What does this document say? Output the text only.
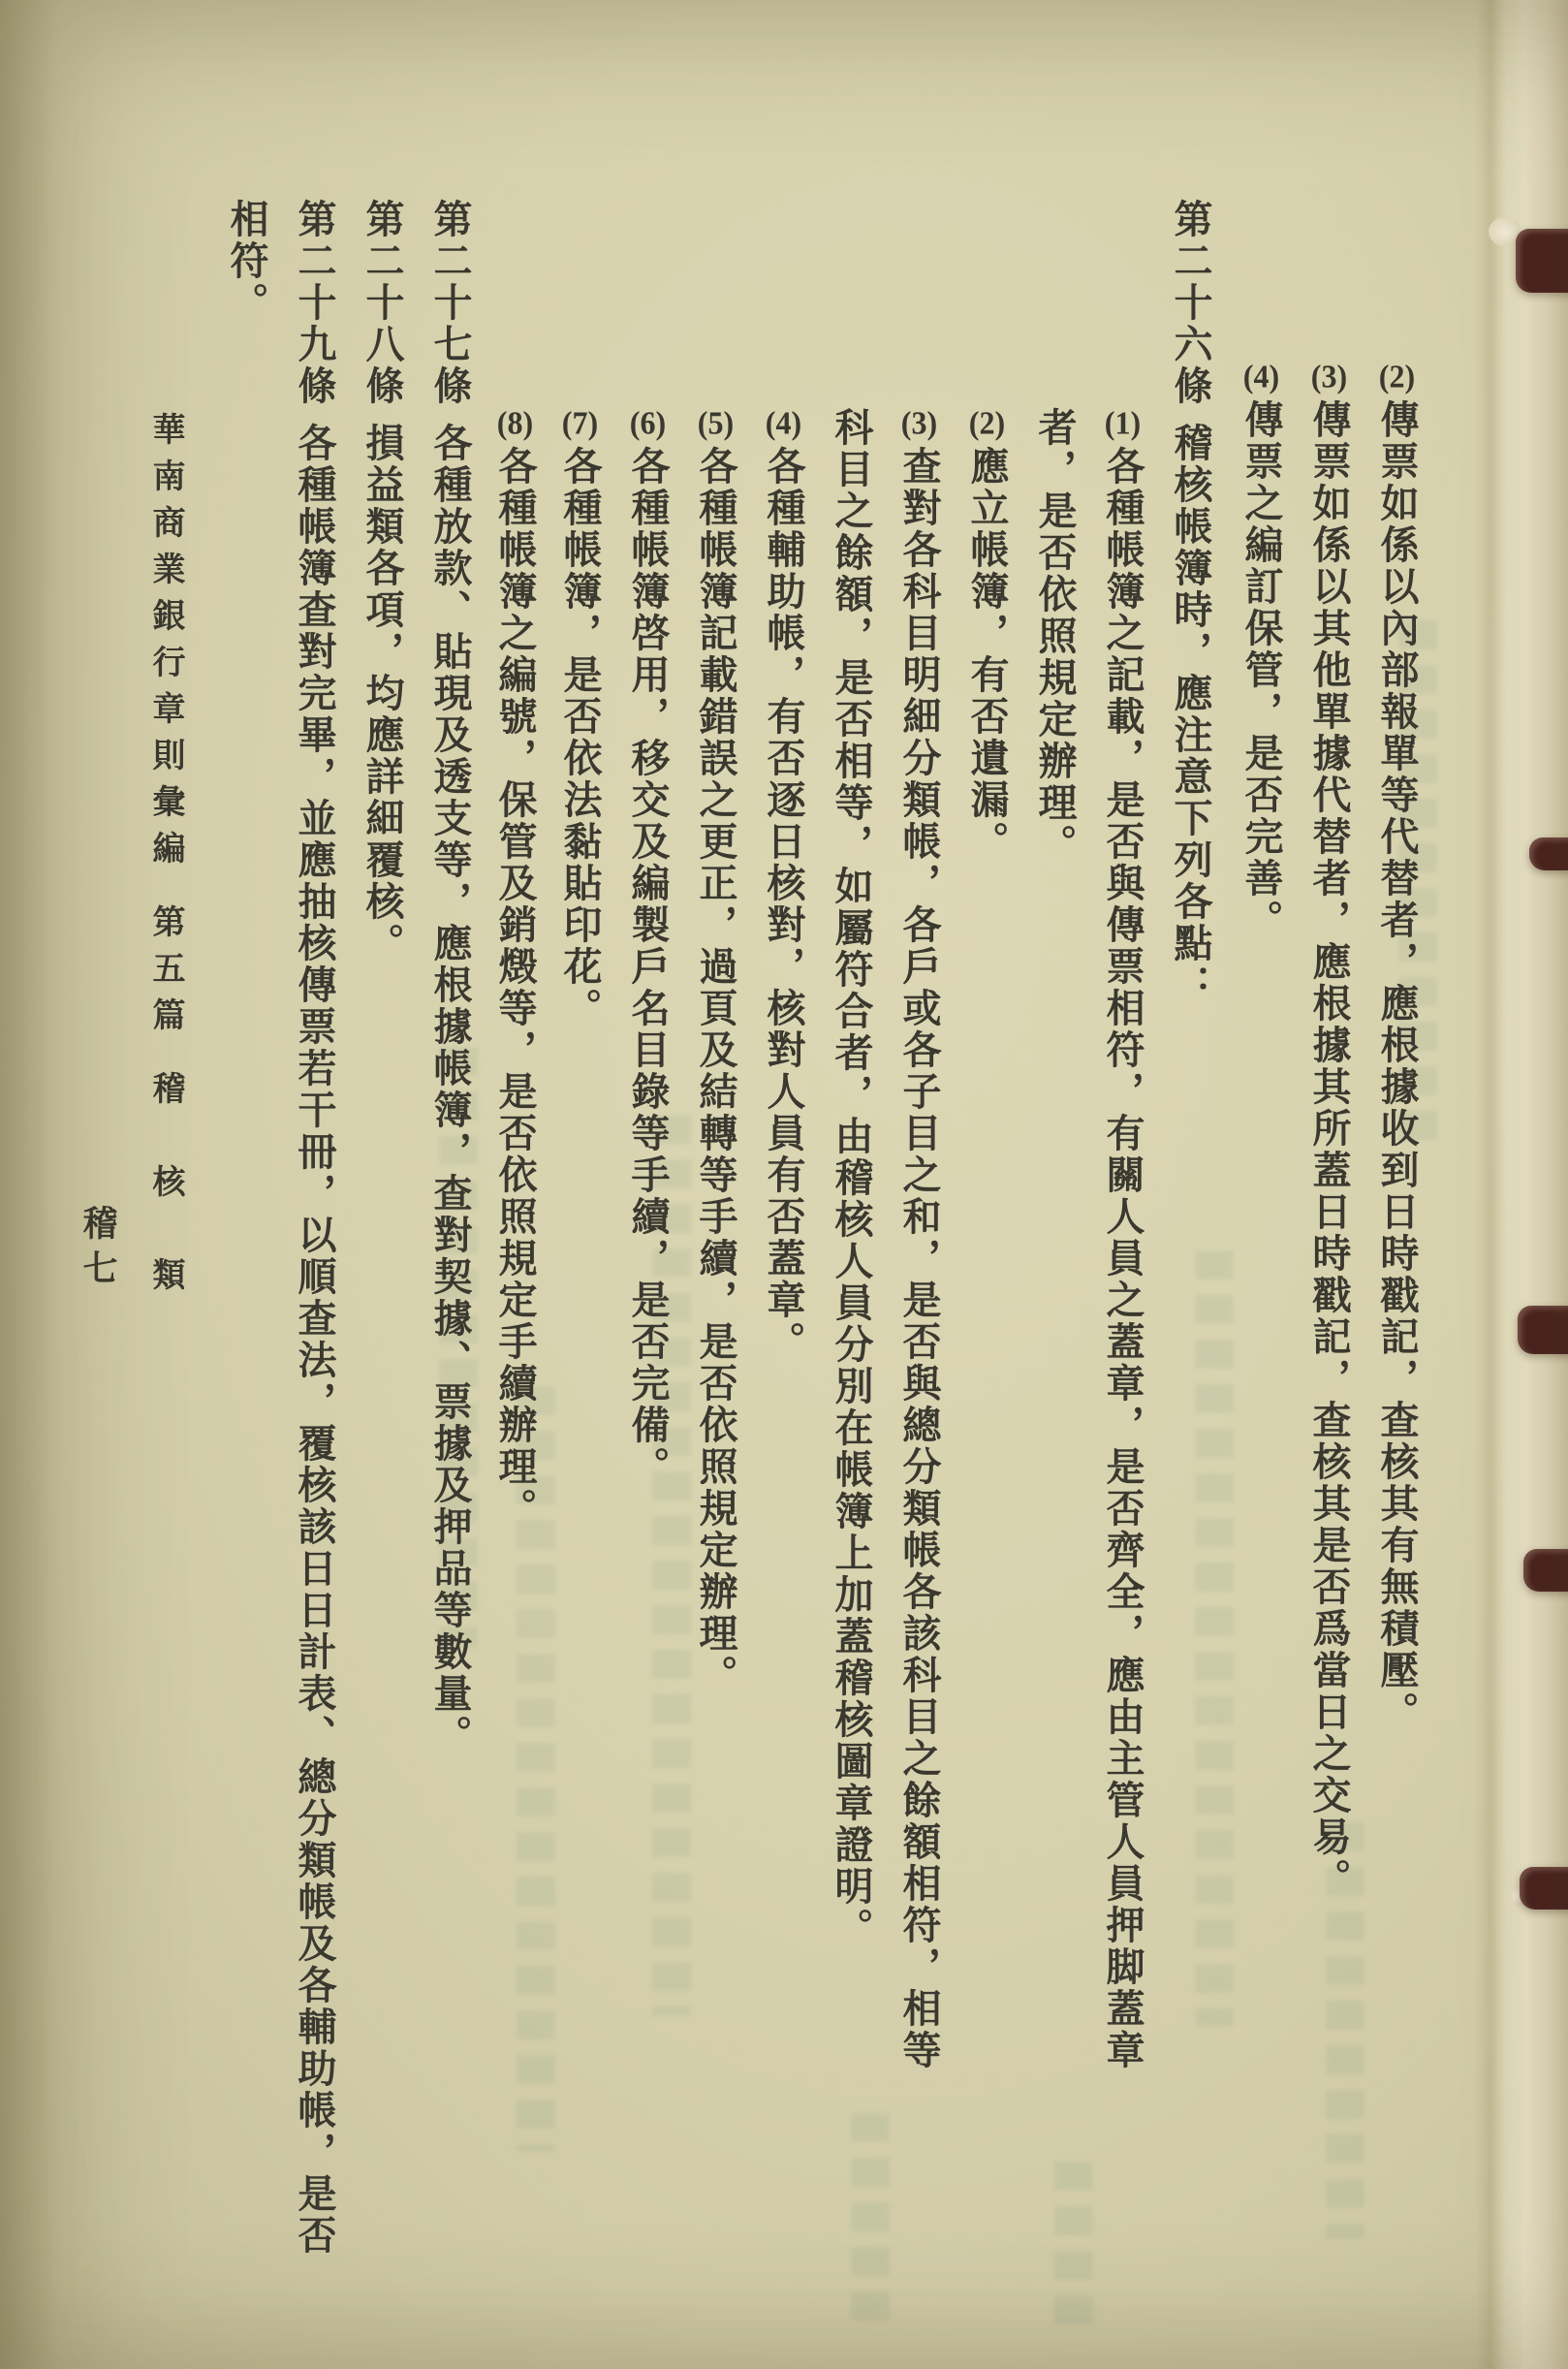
(2)傳票如係以內部報單等代替者，應根據收到日時戳記，查核其有無積壓。
(3)傳票如係以其他單據代替者，應根據其所蓋日時戳記，查核其是否爲當日之交易。
(4)傳票之編訂保管，是否完善。
第二十六條稽核帳簿時，應注意下列各點：
(1)各種帳簿之記載，是否與傳票相符，有關人員之蓋章，是否齊全，應由主管人員押脚蓋章者，是否依照規定辦理。
(2)應立帳簿，有否遺漏。
(3)查對各科目明細分類帳，各戶或各子目之和，是否與總分類帳各該科目之餘額相符，相等科目之餘額，是否相等，如屬符合者，由稽核人員分別在帳簿上加蓋稽核圖章證明。
(4)各種輔助帳，有否逐日核對，核對人員有否蓋章。
(5)各種帳簿記載錯誤之更正，過頁及結轉等手續，是否依照規定辦理。
(6)各種帳簿啓用，移交及編製戶名目錄等手續，是否完備。
(7)各種帳簿，是否依法黏貼印花。
(8)各種帳簿之編號，保管及銷燬等，是否依照規定手續辦理。
第二十七條各種放款、貼現及透支等，應根據帳簿，查對契據、票據及押品等數量。
第二十八條損益類各項，均應詳細覆核。
第二十九條各種帳簿查對完畢，並應抽核傳票若干冊，以順查法，覆核該日日計表、總分類帳及各輔助帳，是否相符。
華南商業銀行章則彙編第五篇稽　核　類
稽七
